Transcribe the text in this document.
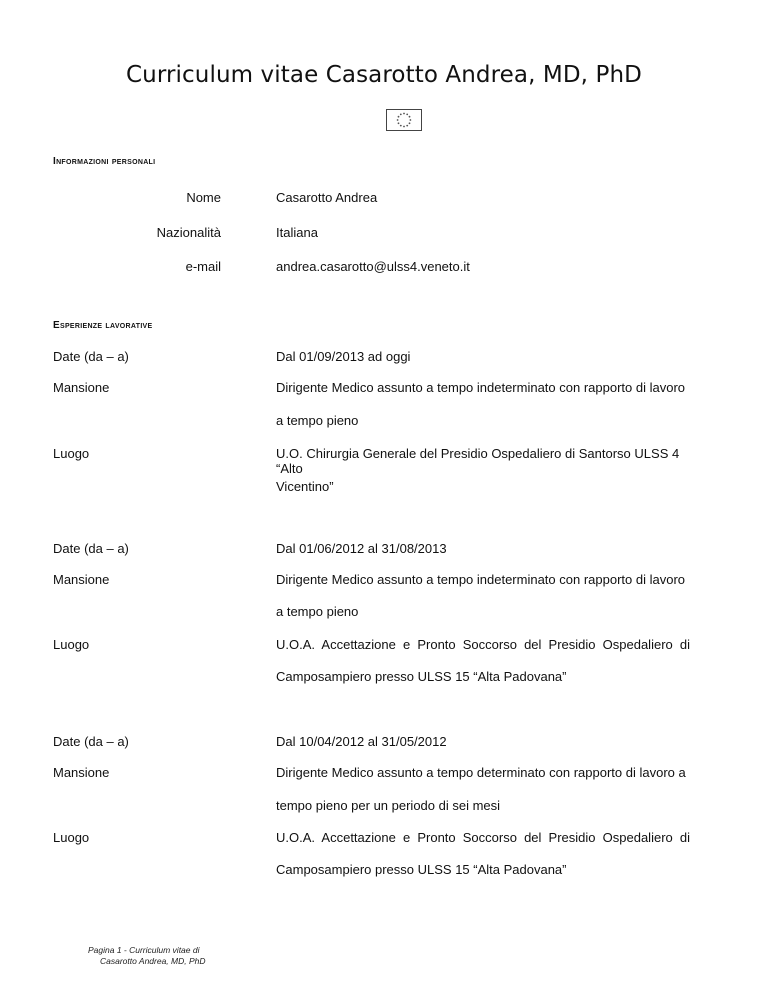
Curriculum vitae Casarotto Andrea, MD, PhD
Informazioni personali
Nome	Casarotto Andrea
Nazionalità	Italiana
e-mail	andrea.casarotto@ulss4.veneto.it
Esperienze lavorative
Date (da – a)	Dal 01/09/2013 ad oggi
Mansione	Dirigente Medico assunto a tempo indeterminato con rapporto di lavoro
a tempo pieno
Luogo	U.O. Chirurgia Generale del Presidio Ospedaliero di Santorso ULSS 4 “Alto
Vicentino”
Date (da – a)	Dal 01/06/2012 al 31/08/2013
Mansione	Dirigente Medico assunto a tempo indeterminato con rapporto di lavoro
a tempo pieno
Luogo	U.O.A. Accettazione e Pronto Soccorso del Presidio Ospedaliero di
Camposampiero presso ULSS 15 “Alta Padovana”
Date (da – a)	Dal 10/04/2012 al 31/05/2012
Mansione	Dirigente Medico assunto a tempo determinato con rapporto di lavoro a
tempo pieno per un periodo di sei mesi
Luogo	U.O.A. Accettazione e Pronto Soccorso del Presidio Ospedaliero di
Camposampiero presso ULSS 15 “Alta Padovana”
Pagina 1 - Curriculum vitae di
Casarotto Andrea, MD, PhD
